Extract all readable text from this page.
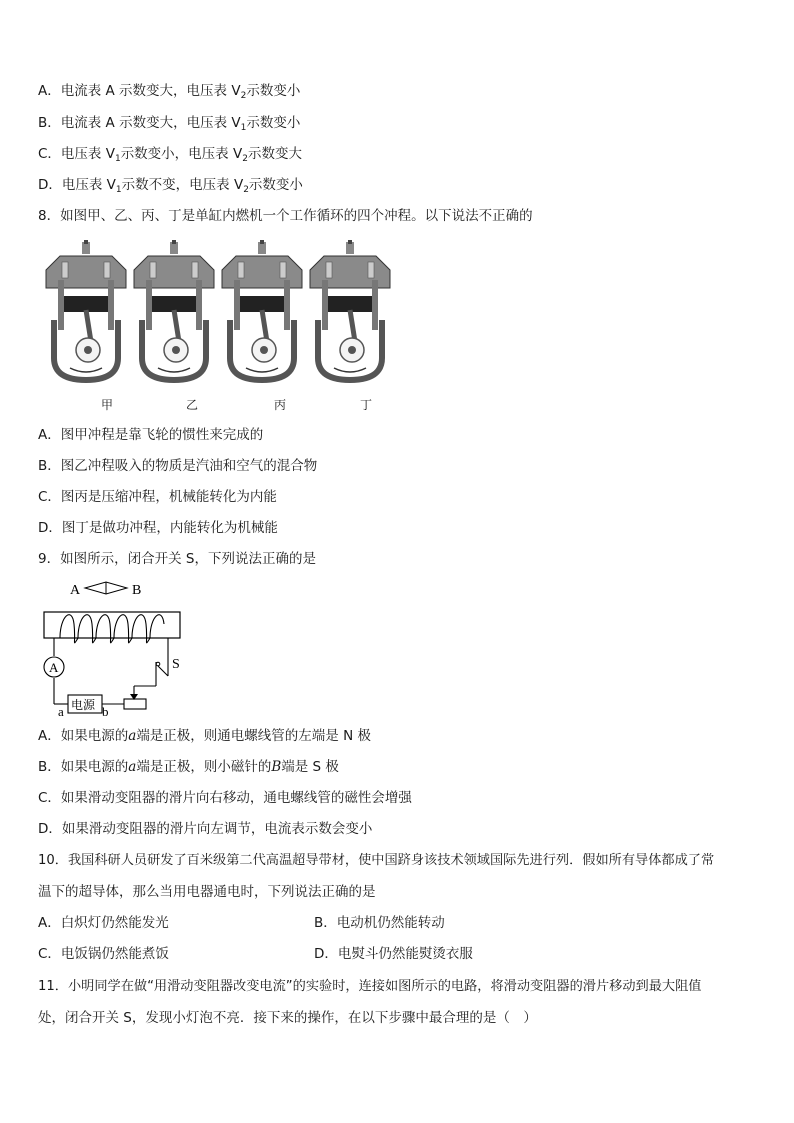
A．电流表 A 示数变大，电压表 $V_2$示数变小
B．电流表 A 示数变大，电压表 $V_1$示数变小
C．电压表 $V_1$示数变小，电压表 $V_2$示数变大
D．电压表 $V_1$示数不变，电压表 $V_2$示数变小
8．如图甲、乙、丙、丁是单缸内燃机一个工作循环的四个冲程。以下说法不正确的
甲	乙	丙	丁
A．图甲冲程是靠飞轮的惯性来完成的
B．图乙冲程吸入的物质是汽油和空气的混合物
C．图丙是压缩冲程，机械能转化为内能
D．图丁是做功冲程，内能转化为机械能
9．如图所示，闭合开关 S，下列说法正确的是
A	B
A	S
电源
a	b
A．如果电源的a端是正极，则通电螺线管的左端是 N 极
B．如果电源的a端是正极，则小磁针的B端是 S 极
C．如果滑动变阻器的滑片向右移动，通电螺线管的磁性会增强
D．如果滑动变阻器的滑片向左调节，电流表示数会变小
10．我国科研人员研发了百米级第二代高温超导带材，使中国跻身该技术领域国际先进行列．假如所有导体都成了常
温下的超导体，那么当用电器通电时，下列说法正确的是
A．白炽灯仍然能发光	B．电动机仍然能转动
C．电饭锅仍然能煮饭	D．电熨斗仍然能熨烫衣服
11．小明同学在做“用滑动变阻器改变电流”的实验时，连接如图所示的电路，将滑动变阻器的滑片移动到最大阻值
处，闭合开关 S，发现小灯泡不亮．接下来的操作，在以下步骤中最合理的是（　）
